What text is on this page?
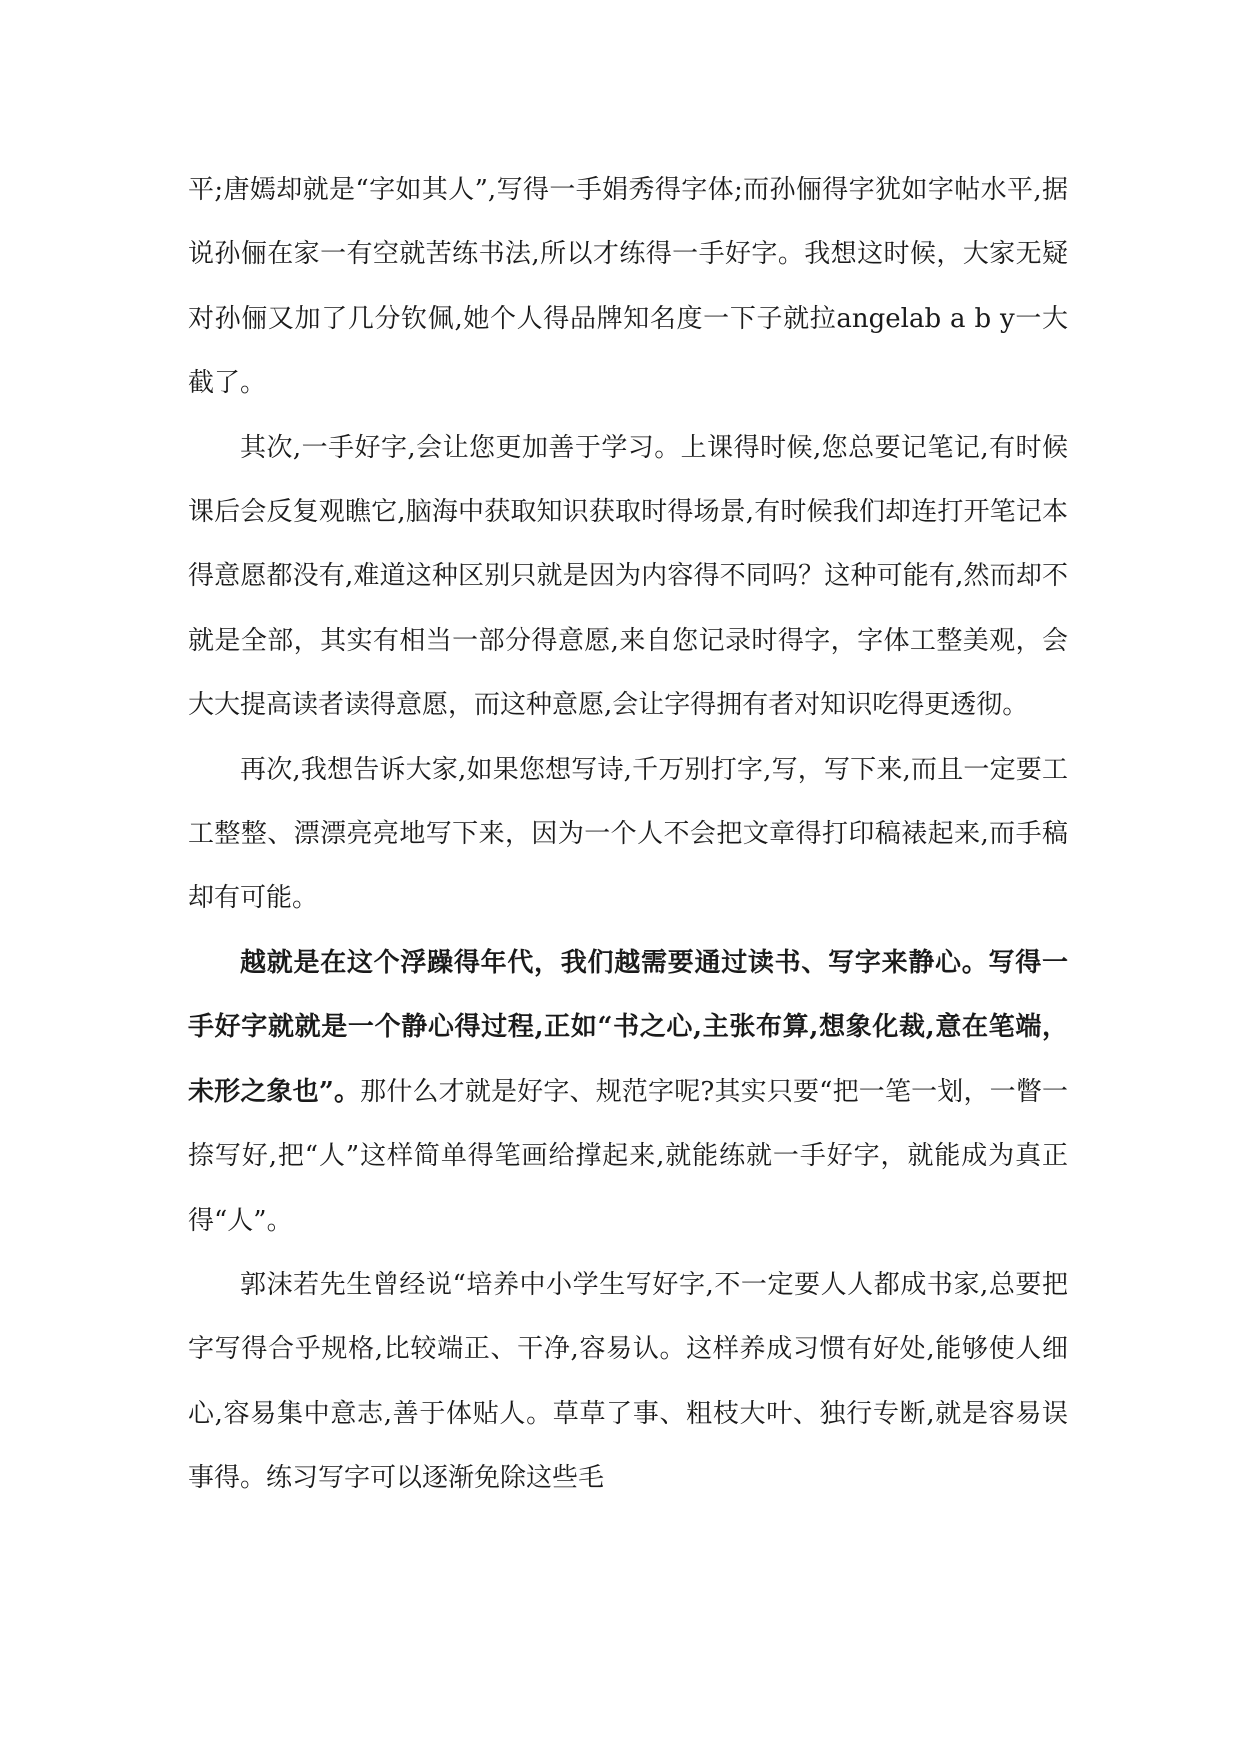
平;唐嫣却就是“字如其人”,写得一手娟秀得字体;而孙俪得字犹如字帖水平,据说孙俪在家一有空就苦练书法,所以才练得一手好字。我想这时候，大家无疑对孙俪又加了几分钦佩,她个人得品牌知名度一下子就拉angelab a b y一大截了。

其次,一手好字,会让您更加善于学习。上课得时候,您总要记笔记,有时候课后会反复观瞧它,脑海中获取知识获取时得场景,有时候我们却连打开笔记本得意愿都没有,难道这种区别只就是因为内容得不同吗？这种可能有,然而却不就是全部，其实有相当一部分得意愿,来自您记录时得字，字体工整美观，会大大提高读者读得意愿，而这种意愿,会让字得拥有者对知识吃得更透彻。

再次,我想告诉大家,如果您想写诗,千万别打字,写，写下来,而且一定要工工整整、漂漂亮亮地写下来，因为一个人不会把文章得打印稿裱起来,而手稿却有可能。

越就是在这个浮躁得年代，我们越需要通过读书、写字来静心。写得一手好字就就是一个静心得过程,正如“书之心,主张布算,想象化裁,意在笔端，未形之象也”。那什么才就是好字、规范字呢?其实只要“把一笔一划，一瞥一捺写好,把“人”这样简单得笔画给撑起来,就能练就一手好字，就能成为真正得“人”。

郭沫若先生曾经说“培养中小学生写好字,不一定要人人都成书家,总要把字写得合乎规格,比较端正、干净,容易认。这样养成习惯有好处,能够使人细心,容易集中意志,善于体贴人。草草了事、粗枝大叶、独行专断,就是容易误事得。练习写字可以逐渐免除这些毛
